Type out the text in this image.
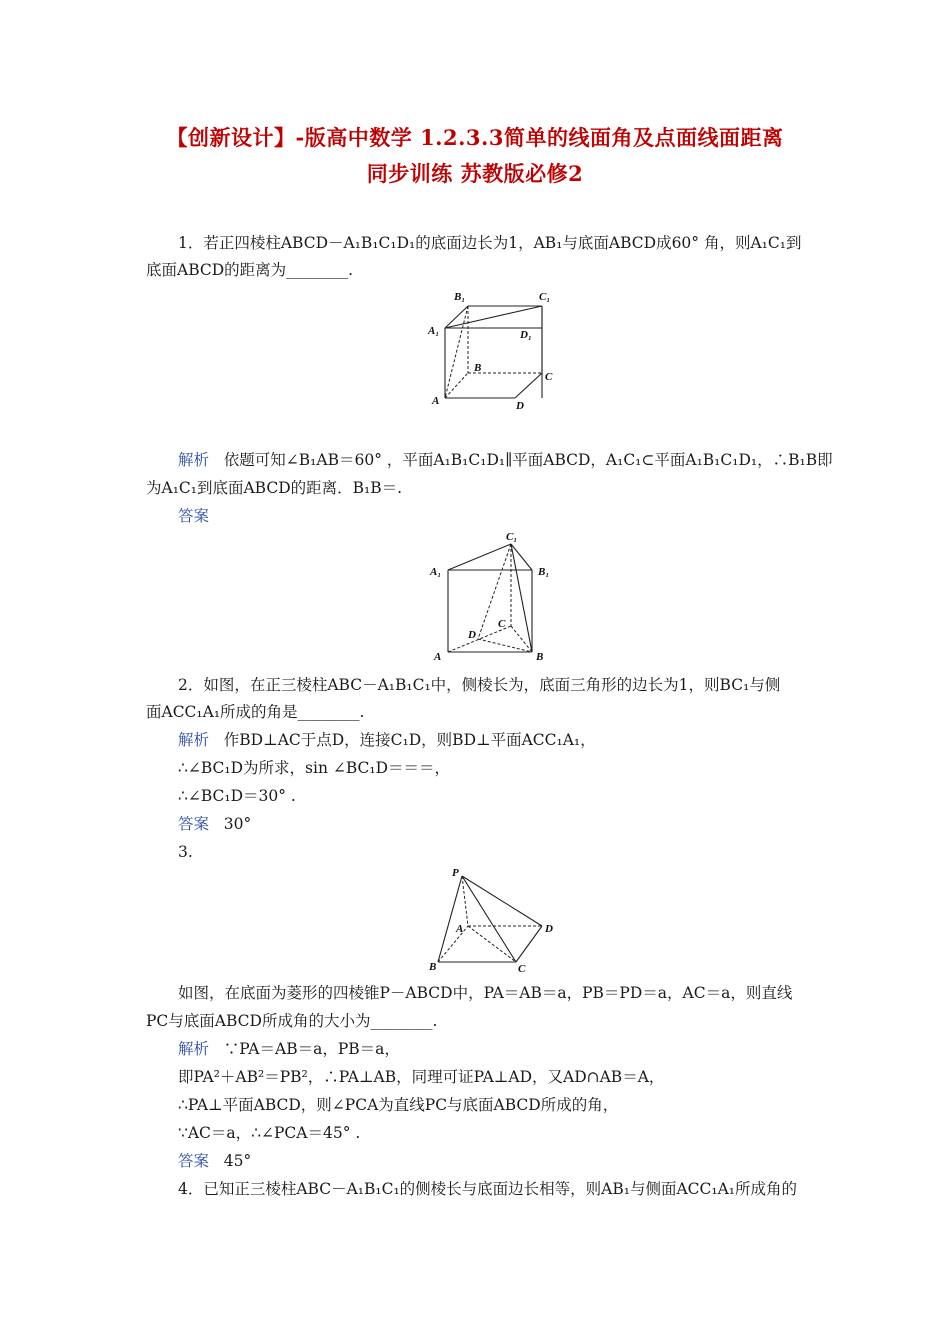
【创新设计】-版高中数学 1.2.3.3简单的线面角及点面线面距离
同步训练 苏教版必修2
1．若正四棱柱ABCD－A₁B₁C₁D₁的底面边长为1，AB₁与底面ABCD成60° 角，则A₁C₁到
底面ABCD的距离为________.
B₁	C₁
A₁	D₁
B
C
A	D
解析 依题可知∠B₁AB＝60° ，平面A₁B₁C₁D₁∥平面ABCD，A₁C₁⊂平面A₁B₁C₁D₁，∴B₁B即
为A₁C₁到底面ABCD的距离．B₁B＝.
答案
C₁
A₁	B₁
D
C
A	B
2．如图，在正三棱柱ABC－A₁B₁C₁中，侧棱长为，底面三角形的边长为1，则BC₁与侧
面ACC₁A₁所成的角是________.
解析 作BD⊥AC于点D，连接C₁D，则BD⊥平面ACC₁A₁，
∴∠BC₁D为所求，sin ∠BC₁D＝＝＝，
∴∠BC₁D＝30° .
答案 30°
3.
P
A	D
B	C
如图，在底面为菱形的四棱锥P－ABCD中，PA＝AB＝a，PB＝PD＝a，AC＝a，则直线
PC与底面ABCD所成角的大小为________.
解析 ∵PA＝AB＝a，PB＝a，
即PA²＋AB²＝PB²，∴PA⊥AB，同理可证PA⊥AD，又AD∩AB＝A，
∴PA⊥平面ABCD，则∠PCA为直线PC与底面ABCD所成的角，
∵AC＝a，∴∠PCA＝45° .
答案 45°
4．已知正三棱柱ABC－A₁B₁C₁的侧棱长与底面边长相等，则AB₁与侧面ACC₁A₁所成角的
